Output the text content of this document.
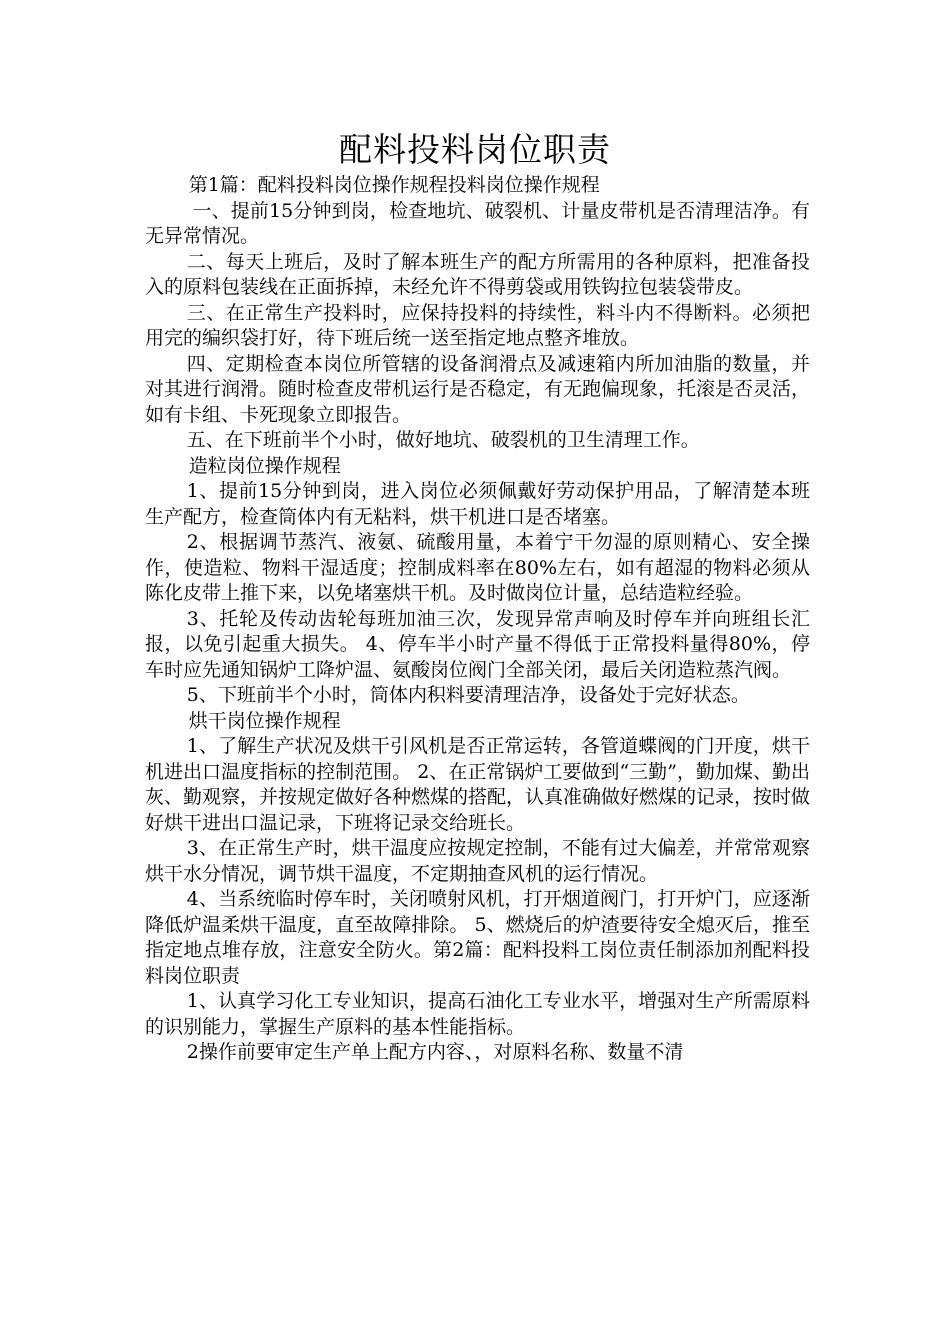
配料投料岗位职责

第1篇：配料投料岗位操作规程投料岗位操作规程

一、提前15分钟到岗，检查地坑、破裂机、计量皮带机是否清理洁净。有无异常情况。

二、每天上班后，及时了解本班生产的配方所需用的各种原料，把准备投入的原料包装线在正面拆掉，未经允许不得剪袋或用铁钩拉包装袋带皮。

三、在正常生产投料时，应保持投料的持续性，料斗内不得断料。必须把用完的编织袋打好，待下班后统一送至指定地点整齐堆放。

四、定期检查本岗位所管辖的设备润滑点及减速箱内所加油脂的数量，并对其进行润滑。随时检查皮带机运行是否稳定，有无跑偏现象，托滚是否灵活，如有卡组、卡死现象立即报告。

五、在下班前半个小时，做好地坑、破裂机的卫生清理工作。

造粒岗位操作规程

1、提前15分钟到岗，进入岗位必须佩戴好劳动保护用品，了解清楚本班生产配方，检查筒体内有无粘料，烘干机进口是否堵塞。

2、根据调节蒸汽、液氨、硫酸用量，本着宁干勿湿的原则精心、安全操作，使造粒、物料干湿适度；控制成料率在80%左右，如有超湿的物料必须从陈化皮带上推下来，以免堵塞烘干机。及时做岗位计量，总结造粒经验。

3、托轮及传动齿轮每班加油三次，发现异常声响及时停车并向班组长汇报，以免引起重大损失。 4、停车半小时产量不得低于正常投料量得80%，停车时应先通知锅炉工降炉温、氨酸岗位阀门全部关闭，最后关闭造粒蒸汽阀。

5、下班前半个小时，筒体内积料要清理洁净，设备处于完好状态。

烘干岗位操作规程

1、了解生产状况及烘干引风机是否正常运转，各管道蝶阀的门开度，烘干机进出口温度指标的控制范围。 2、在正常锅炉工要做到“三勤”，勤加煤、勤出灰、勤观察，并按规定做好各种燃煤的搭配，认真准确做好燃煤的记录，按时做好烘干进出口温记录，下班将记录交给班长。

3、在正常生产时，烘干温度应按规定控制，不能有过大偏差，并常常观察烘干水分情况，调节烘干温度，不定期抽查风机的运行情况。

4、当系统临时停车时，关闭喷射风机，打开烟道阀门，打开炉门，应逐渐降低炉温柔烘干温度，直至故障排除。 5、燃烧后的炉渣要待安全熄灭后，推至指定地点堆存放，注意安全防火。第2篇：配料投料工岗位责任制添加剂配料投料岗位职责

1、认真学习化工专业知识，提高石油化工专业水平，增强对生产所需原料的识别能力，掌握生产原料的基本性能指标。

2操作前要审定生产单上配方内容、，对原料名称、数量不清
